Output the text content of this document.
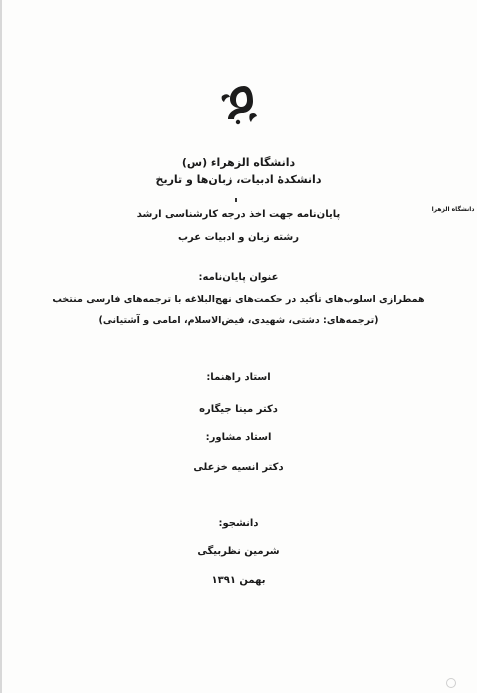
دانشگاه الزهرا
دانشگاه الزهراء (س)
دانشکدۀ ادبیات، زبان‌ها و تاریخ
پایان‌نامه جهت اخذ درجه کارشناسی ارشد
رشته زبان و ادبیات عرب
عنوان پایان‌نامه:
همطرازی اسلوب‌های تأکید در حکمت‌های نهج‌البلاغه با ترجمه‌های فارسی منتخب
(ترجمه‌های: دشتی، شهیدی، فیض‌الاسلام، امامی و آشتیانی)
استاد راهنما:
دکتر مینا جیگاره
استاد مشاور:
دکتر انسیه خزعلی
دانشجو:
شرمین نظربیگی
بهمن ۱۳۹۱
